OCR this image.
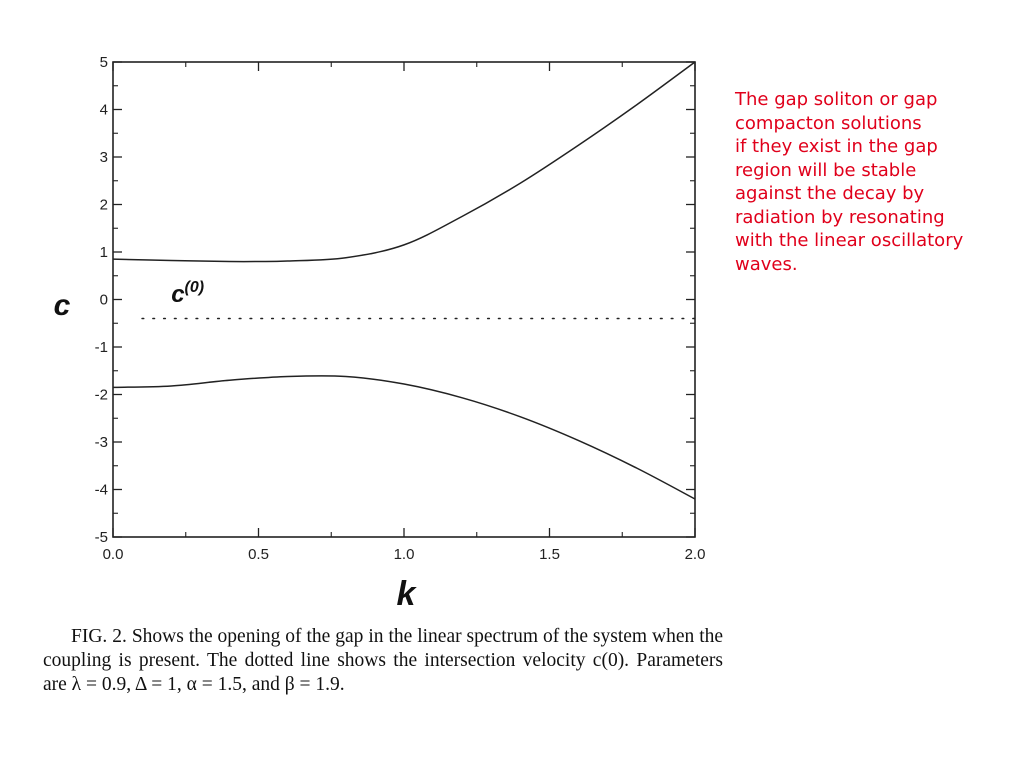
0.0	0.5	1.0	1.5	2.0
5
4
3
2
1
0
-1
-2
-3
-4
-5
c
k
$c^{(0)}$
FIG. 2. Shows the opening of the gap in the linear spectrum of the system when the coupling is present. The dotted line shows the intersection velocity c(0). Parameters are λ = 0.9, Δ = 1, α = 1.5, and β = 1.9.
The gap soliton or gap
compacton solutions
if they exist in the gap
region will be stable
against the decay by
radiation by resonating
with the linear oscillatory
waves.
